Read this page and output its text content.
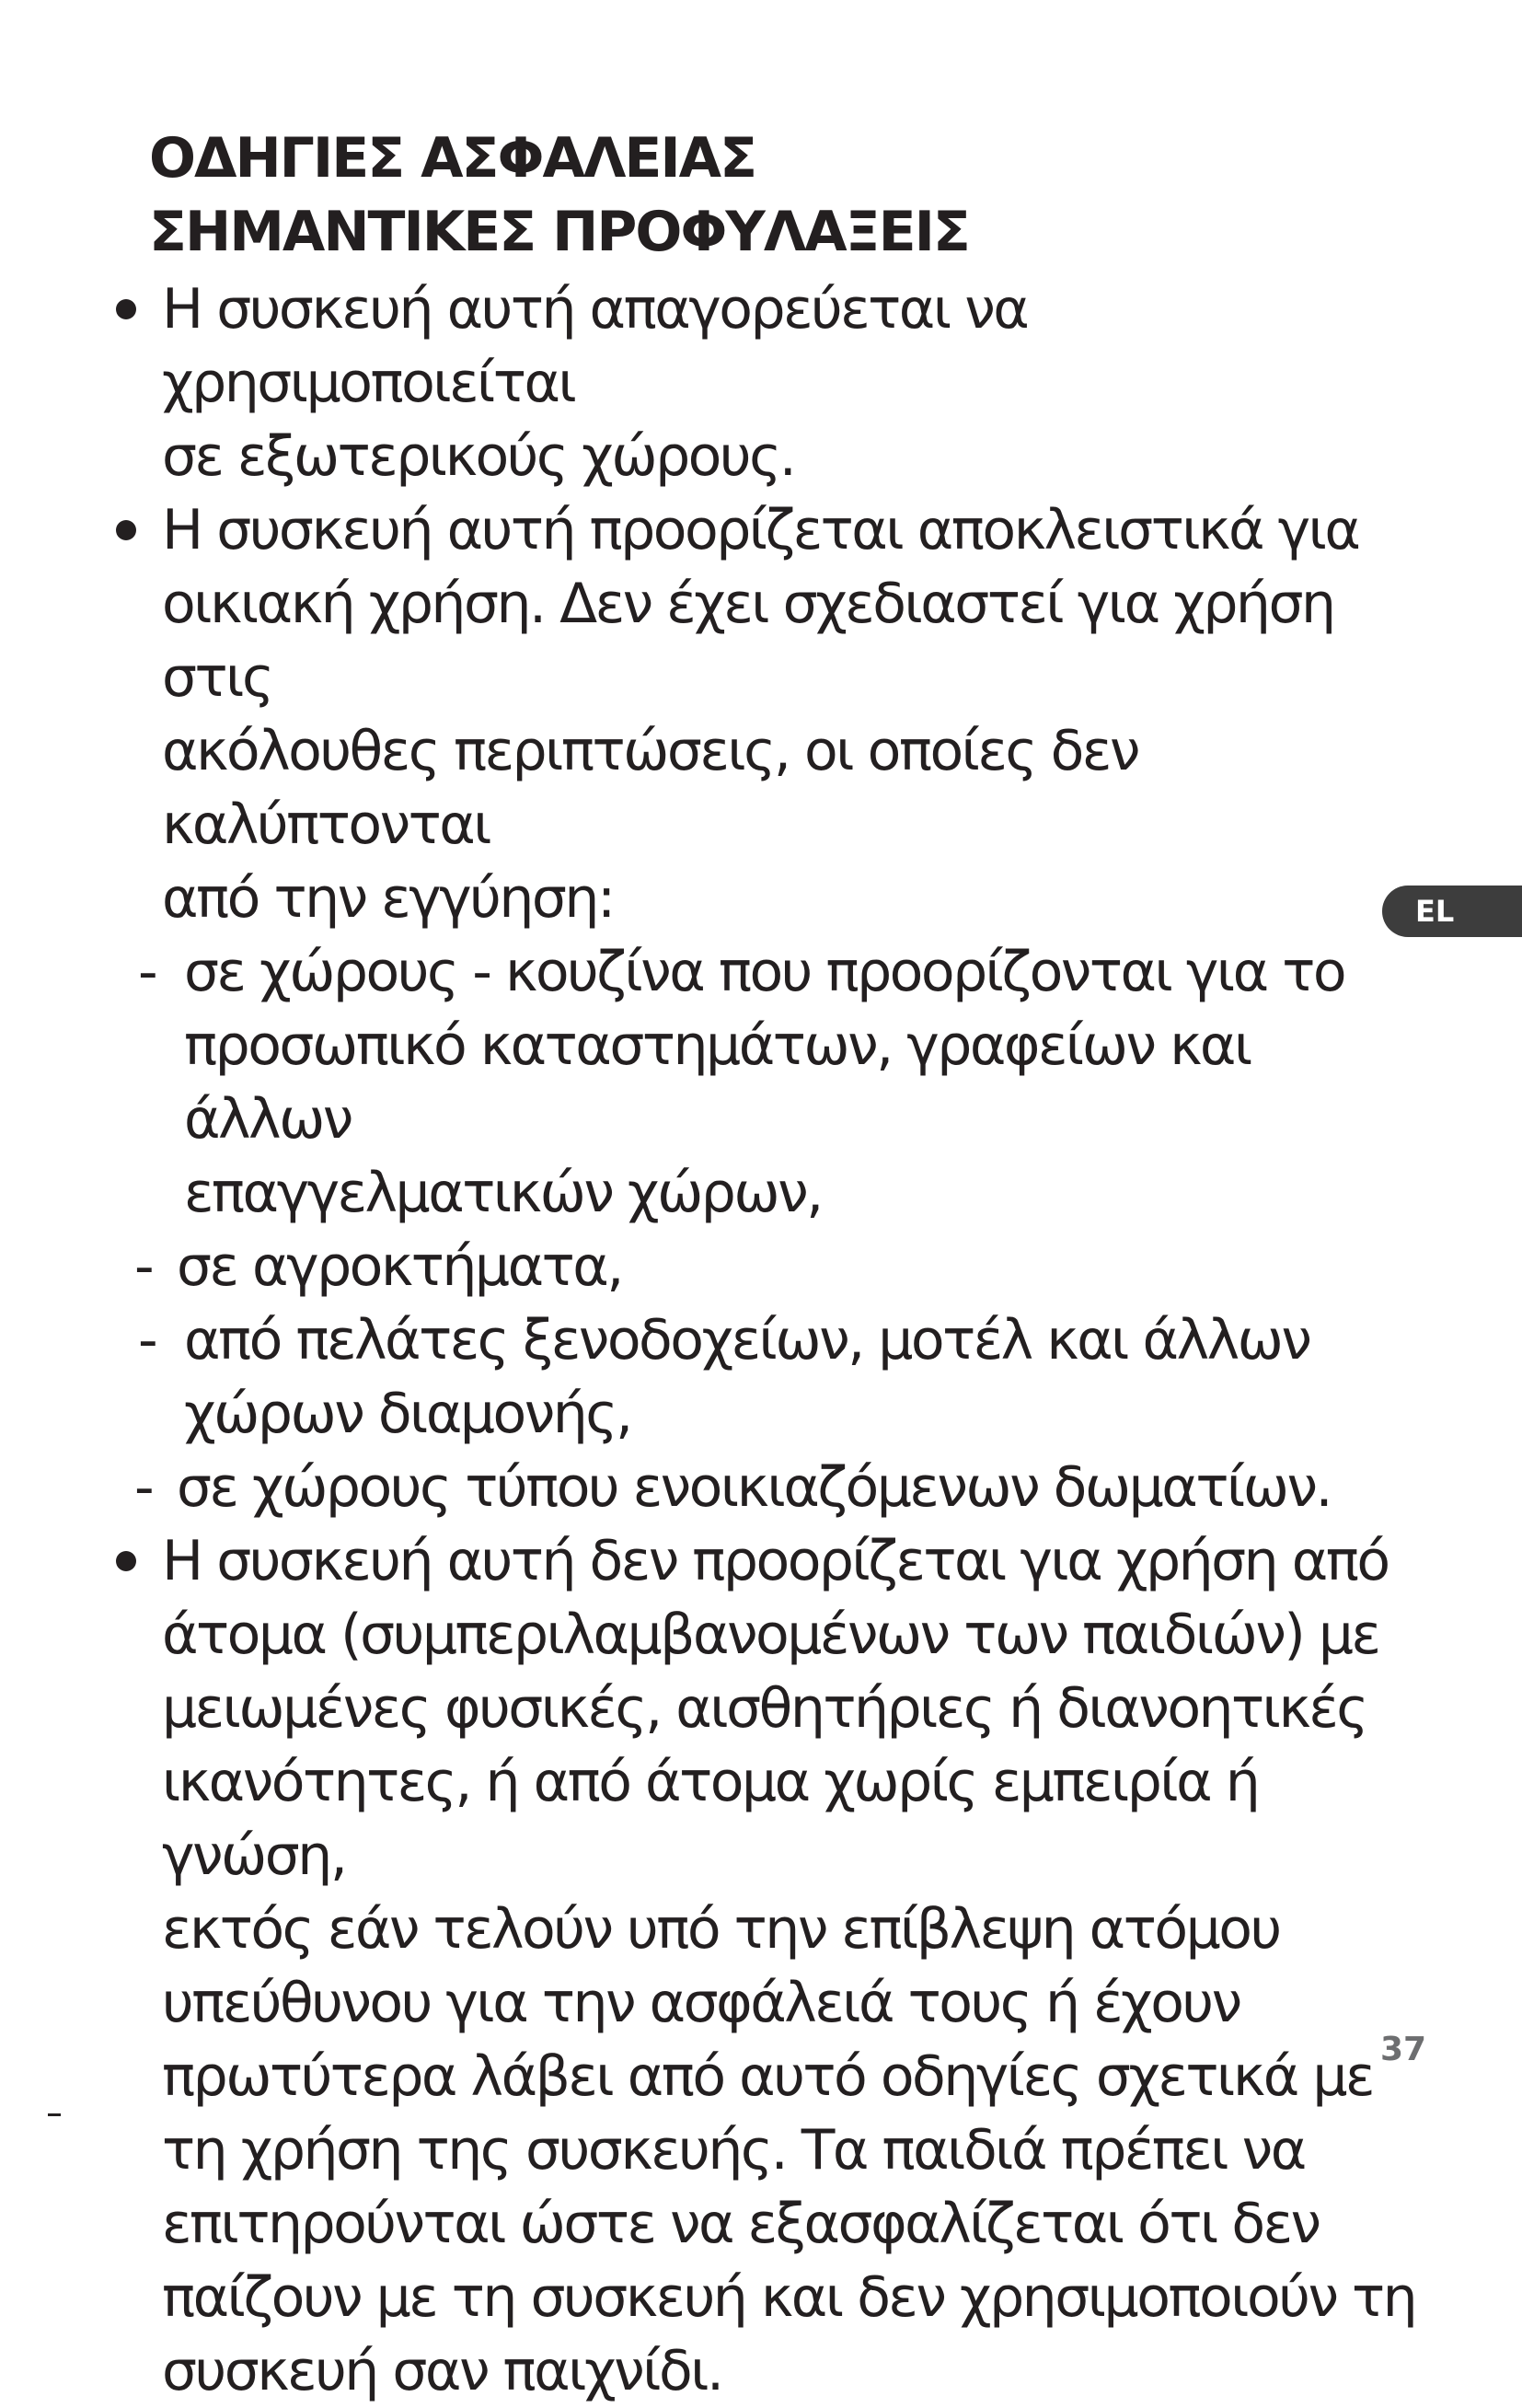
ΟΔΗΓΙΕΣ ΑΣΦΑΛΕΙΑΣ
ΣΗΜΑΝΤΙΚΕΣ ΠΡΟΦΥΛΑΞΕΙΣ
Η συσκευή αυτή απαγορεύεται να χρησιμοποιείται
σε εξωτερικούς χώρους.
Η συσκευή αυτή προορίζεται αποκλειστικά για
οικιακή χρήση. Δεν έχει σχεδιαστεί για χρήση στις
ακόλουθες περιπτώσεις, οι οποίες δεν καλύπτονται
από την εγγύηση:
- σε χώρους - κουζίνα που προορίζονται για το
προσωπικό καταστημάτων, γραφείων και άλλων
επαγγελματικών χώρων,
- σε αγροκτήματα,
- από πελάτες ξενοδοχείων, μοτέλ και άλλων
χώρων διαμονής,
- σε χώρους τύπου ενοικιαζόμενων δωματίων.
Η συσκευή αυτή δεν προορίζεται για χρήση από
άτομα (συμπεριλαμβανομένων των παιδιών) με
μειωμένες φυσικές, αισθητήριες ή διανοητικές
ικανότητες, ή από άτομα χωρίς εμπειρία ή γνώση,
εκτός εάν τελούν υπό την επίβλεψη ατόμου
υπεύθυνου για την ασφάλειά τους ή έχουν
πρωτύτερα λάβει από αυτό οδηγίες σχετικά με
τη χρήση της συσκευής. Τα παιδιά πρέπει να
επιτηρούνται ώστε να εξασφαλίζεται ότι δεν
παίζουν με τη συσκευή και δεν χρησιμοποιούν τη
συσκευή σαν παιχνίδι.
EL
37
